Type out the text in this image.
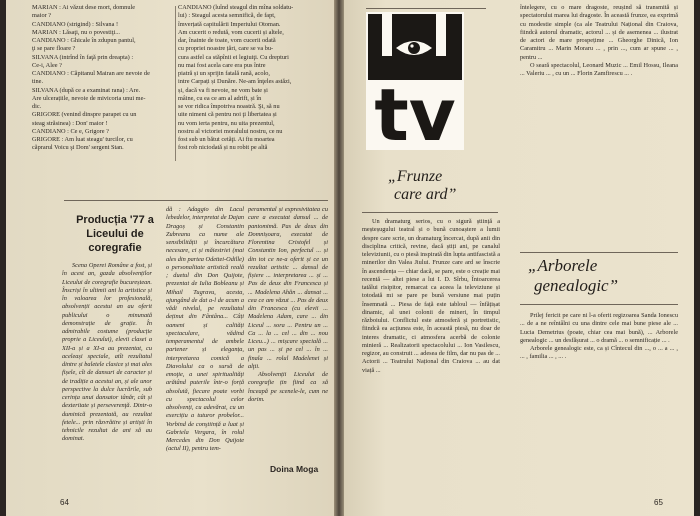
MARIAN : Ai văzut dese mort, domnule
maior ?
CANDIANO (strigind) : Silvana !
MARIAN : Lăsaţi, nu o povestiţi...
CANDIANO : Ghicale în zdupun pantul,
ţi se pare floare ?
SILVANA (intrînd în faţă prin dreapta) :
Ce-i, Alee ?
CANDIANO : Căpitanul Mairan are nevoie de
tine.
SILVANA (după ce a examinat rana) : Are.
Are ulcerațiile, nevoie de mivicoria unui me-
dic.
GRIGORE (venind dinspre parapet cu un
steag străsinea) : Don' maior !
CANDIANO : Ce e, Grigore ?
GRIGORE : Am luat steagu' turcilor, cu
căprarul Voicu şi Dom' sergent Stan.
CANDIANO (luînd steagul din mîna soldatu-
lui) : Steagul acesta semnifică, de fapt,
îmverțată capitulării Imperiului Otoman.
Am cucerit o redută, vom cucerii și altele,
dar, înainte de toate, vom cucerii odată
cu propriei noastre țări, care se va bu-
cura astfel ca stăpînii ei legiuiţi. Cu drepturi
nu mai fost acela care era pus între
piatră și un sprijin fatală rană, acolo,
intre Carpați și Dunăre. Ne-am înţeles astăzi,
și, dacă va fi nevoie, ne vom bate și
mâine, cu ea ce am al adrift, și în
se vor ridica împotriva noastră. Şi, să nu
uite nimeni că pentru noi ţi libertatea și
nu vom ierta pentru, nu uita prezentul,
nostru al victoriei moralului nostru, ce nu
fost sub un bătut cetăţi. Ai fiu moartea
fost rob niciodată și nu robit pe altă
Producția '77 a Liceului de coregrafie

Scena Operei Române a fost, și în acest an, gazda absolvenților Liceului de coregrafie bucureștean. Înscriși în ultimii ani la artistice și în valoarea lor profesională, absolvenții acestui an au oferit publicului o minunată demonstrație de grație. În admirabile costume (producție proprie a Liceului), elevii clasei a XII-a și a XI-a au prezentat, cu aceleași speciale, atît rezultatul dintre și baletele clasice și mai ales fișele, cît de dansuri de caracter și de tradiție a acestui an, și ale unor perspective la dulce lucrările, sub cerința unui dansator tânăr, cât și dexteritate și perseverenţă. Dintr-o duminică prezentată, au rezultat fetele... prin răzvrătire și artiști în tehnicile rezultat de ani să au dominat.

dă : Adaggio din Lacul lebedelor, interpretat de Dajan Dragoș și Constantin Zubreanu ca nume ale sensibilității și încurcătura necesare, ci și măiestriei (mai ales din partea Odettei-Odille) o personalitate artistică reală ; duetul din Don Quijote, prezentat de Iulia Bobleanu și Mihail Tugravu, acesta, ajungând de dat a-l de acum a vădi nivelul, pe rezultatul deținut din Fântâna... Câți oameni și calități spectaculare, vădind temperamentul de ambele partener și eleganța, interpretarea comică a Diavolului ca o sursă de emoţie, a unei spiritualităţi arătând puterile într-o forță absolută, fiecare poate vorbi cu spectacolul celor absolvenți, cu adevărat, cu un exercițiu a tuturor probelor... Vorbind de conştiință a luat și Gabriela Vergara, în rolul Mercedes din Don Quijote (actul II), pentru tem-

peramental și expresivitatea cu care a executat dansul ... de pantomimă. Pas de deux din Domnișoara, executat de Florentina Cristofel și Constantin Ion, perfectul ... și din tot ce ne-a oferit și ce un rezultat artistic ... dansul de fișiere ... interpretarea ... și ... Pas de deux din Francesca și ... Madelena Ahăn ... dansat ... cea ce am văzut ... Pas de deux din Francesca (cu elevii ... Madelena Adam, care ... din Liceul ... sora ... Pentru un ... Ca ... la ... cel ... din ... nou Liceu...) ... mișcare specială ... un pas ... și pe cel ... în ... finala ... rolul Madelenei și alţii.

Absolvenții Liceului de coregrafie țin fiind ca să înceapă pe scenele-le, cum ne dorim.

Doina Moga
64
tv
„Frunze
care ard”

Un dramaturg serios, cu o sigură știință a meșteșugului teatral și o bună cunoaștere a lumii despre care scrie, un dramaturg încercat, după anii din disciplina critică, revine, dacă știți ani, pe canalul televiziunii, cu o piesă inspirată din lupta antifascistă a minerilor din Valea Jiului. Frunze care ard se înscrie în ascendența — chiar dacă, se pare, este o creație mai recentă — altei piese a lui I. D. Sîrbu, Întoarcerea tatălui risipitor, remarcat ca aceea la televiziune și totodată mi se pare pe bună versiune mai puțin însemnată ... Piesa de față este tabloul — înfățișat dinamic, al unei colonii de mineri, în timpul războiului. Conflictul este atmosferă și portretistic, fiindcă ea acțiunea este, în această piesă, nu doar de interes dramatic, ci atmosfera acerbă de colonie minieră ... Realizatorii spectacolului ... Ion Vasilescu, regizor, au construit ... adesea de film, dar nu pas de ... Actorii ... Teatrului Național din Craiova ... au dat viață ...

întelegere, cu o mare dragoste, reușind să transmită și spectatorului marea lui dragoste. În această frunze, ea exprimă cu modestie simple (ca ale Teatrului Național din Craiova, fiindcă autorul dramatic, actorul ... și de asemenea ... ilustrat de actori de mare prospețime ... Gheorghe Dinică, Ion Caramitru ... Marin Moraru ... , prin ..., cum ar spune ... , pentru ...

O seară spectacolul, Leonard Muzic ... Emil Hossu, Ileana ... Valeriu ... , cu un ... Florin Zamfirescu ... .

„Arborele
genealogic”

Prilej fericit pe care ni l-a oferit regizoarea Sanda Ionescu ... de a ne reîntâlni cu una dintre cele mai bune piese ale ... Lucia Demetrius (poate, chiar cea mai bună), ... Arborele genealogic ... un desfășurat ... o dramă ... o semnificație ... .

Arborele genealogic este, ca și Cîntecul din ..., o ... a ... , ... , familia ... , ... .

65
